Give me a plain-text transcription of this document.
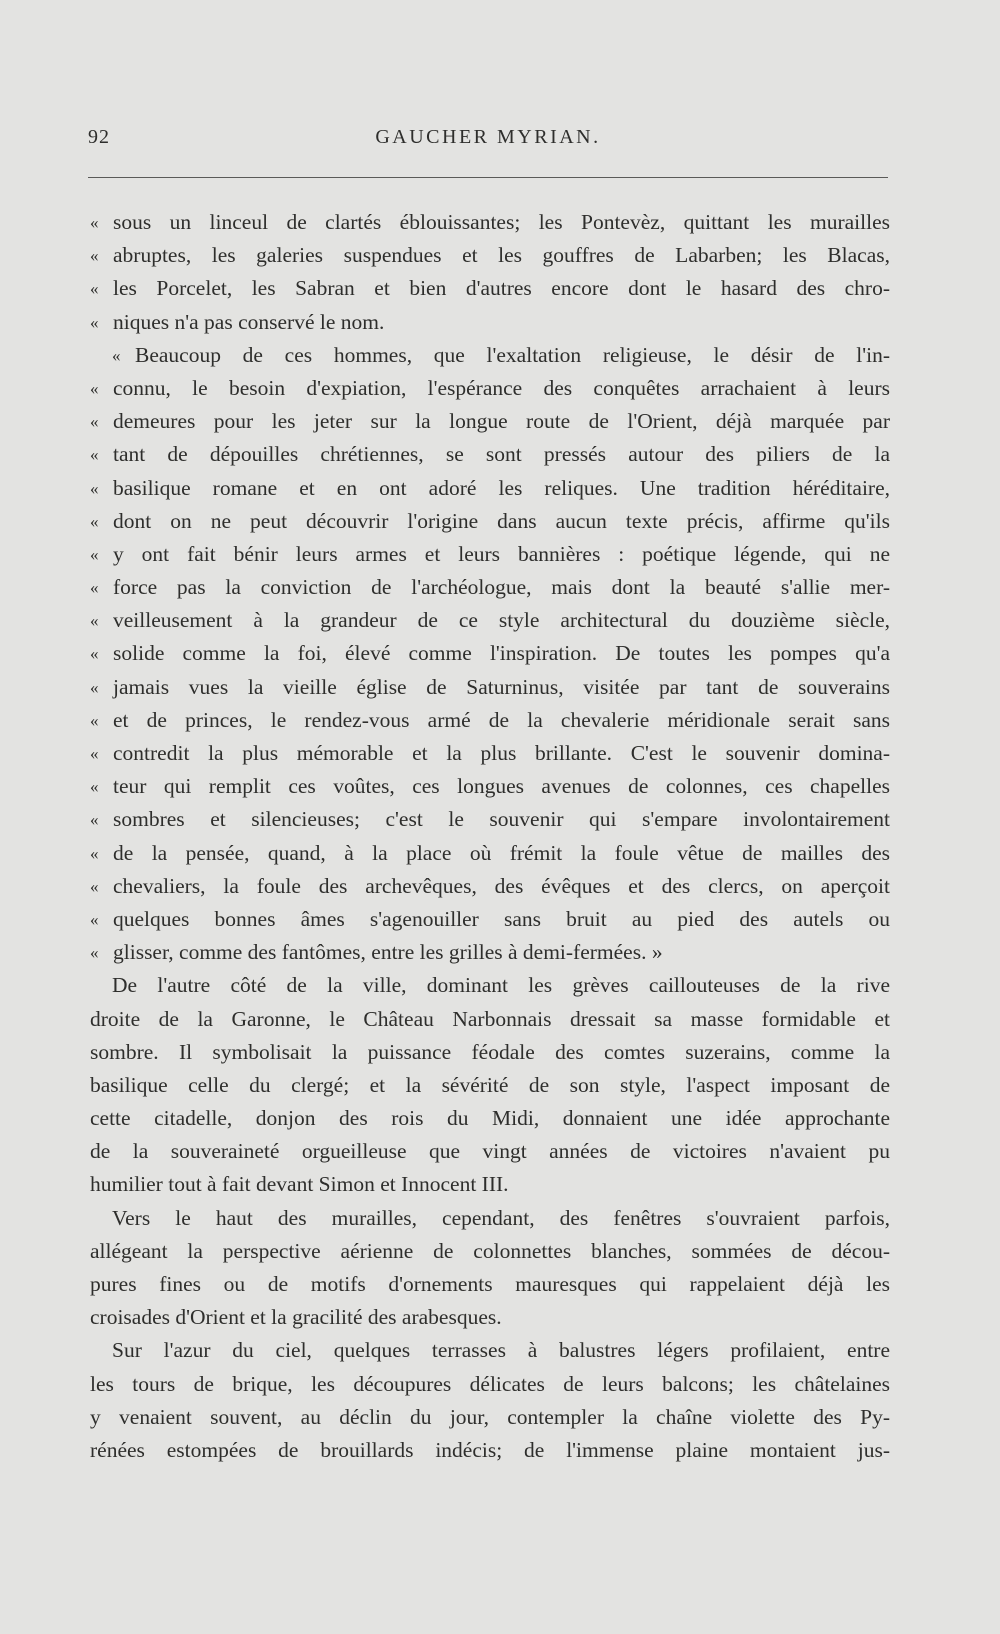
92	GAUCHER MYRIAN.
« sous un linceul de clartés éblouissantes; les Pontevèz, quittant les murailles
« abruptes, les galeries suspendues et les gouffres de Labarben; les Blacas,
« les Porcelet, les Sabran et bien d'autres encore dont le hasard des chro-
« niques n'a pas conservé le nom.
« Beaucoup de ces hommes, que l'exaltation religieuse, le désir de l'in-
« connu, le besoin d'expiation, l'espérance des conquêtes arrachaient à leurs
« demeures pour les jeter sur la longue route de l'Orient, déjà marquée par
« tant de dépouilles chrétiennes, se sont pressés autour des piliers de la
« basilique romane et en ont adoré les reliques. Une tradition héréditaire,
« dont on ne peut découvrir l'origine dans aucun texte précis, affirme qu'ils
« y ont fait bénir leurs armes et leurs bannières : poétique légende, qui ne
« force pas la conviction de l'archéologue, mais dont la beauté s'allie mer-
« veilleusement à la grandeur de ce style architectural du douzième siècle,
« solide comme la foi, élevé comme l'inspiration. De toutes les pompes qu'a
« jamais vues la vieille église de Saturninus, visitée par tant de souverains
« et de princes, le rendez-vous armé de la chevalerie méridionale serait sans
« contredit la plus mémorable et la plus brillante. C'est le souvenir domina-
« teur qui remplit ces voûtes, ces longues avenues de colonnes, ces chapelles
« sombres et silencieuses; c'est le souvenir qui s'empare involontairement
« de la pensée, quand, à la place où frémit la foule vêtue de mailles des
« chevaliers, la foule des archevêques, des évêques et des clercs, on aperçoit
« quelques bonnes âmes s'agenouiller sans bruit au pied des autels ou
« glisser, comme des fantômes, entre les grilles à demi-fermées. »
De l'autre côté de la ville, dominant les grèves caillouteuses de la rive
droite de la Garonne, le Château Narbonnais dressait sa masse formidable et
sombre. Il symbolisait la puissance féodale des comtes suzerains, comme la
basilique celle du clergé; et la sévérité de son style, l'aspect imposant de
cette citadelle, donjon des rois du Midi, donnaient une idée approchante
de la souveraineté orgueilleuse que vingt années de victoires n'avaient pu
humilier tout à fait devant Simon et Innocent III.
Vers le haut des murailles, cependant, des fenêtres s'ouvraient parfois,
allégeant la perspective aérienne de colonnettes blanches, sommées de décou-
pures fines ou de motifs d'ornements mauresques qui rappelaient déjà les
croisades d'Orient et la gracilité des arabesques.
Sur l'azur du ciel, quelques terrasses à balustres légers profilaient, entre
les tours de brique, les découpures délicates de leurs balcons; les châtelaines
y venaient souvent, au déclin du jour, contempler la chaîne violette des Py-
rénées estompées de brouillards indécis; de l'immense plaine montaient jus-
